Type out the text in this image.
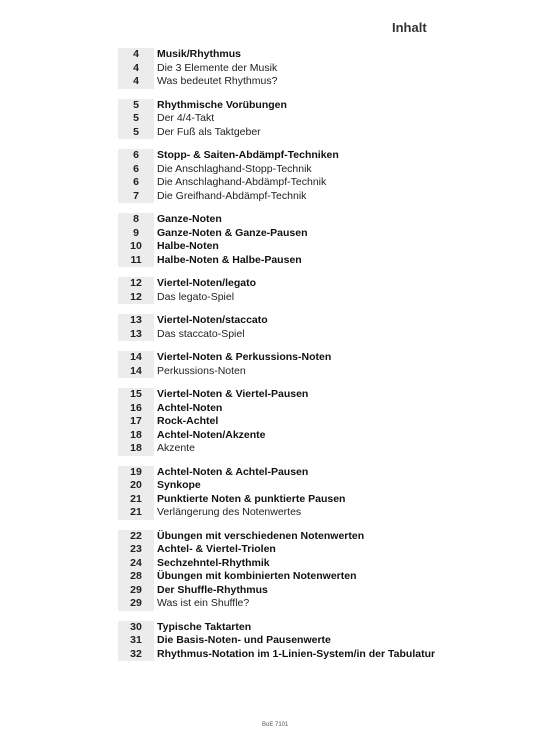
Inhalt
4	Musik/Rhythmus
4	Die 3 Elemente der Musik
4	Was bedeutet Rhythmus?
5	Rhythmische Vorübungen
5	Der 4/4-Takt
5	Der Fuß als Taktgeber
6	Stopp- & Saiten-Abdämpf-Techniken
6	Die Anschlaghand-Stopp-Technik
6	Die Anschlaghand-Abdämpf-Technik
7	Die Greifhand-Abdämpf-Technik
8	Ganze-Noten
9	Ganze-Noten & Ganze-Pausen
10	Halbe-Noten
11	Halbe-Noten & Halbe-Pausen
12	Viertel-Noten/legato
12	Das legato-Spiel
13	Viertel-Noten/staccato
13	Das staccato-Spiel
14	Viertel-Noten & Perkussions-Noten
14	Perkussions-Noten
15	Viertel-Noten & Viertel-Pausen
16	Achtel-Noten
17	Rock-Achtel
18	Achtel-Noten/Akzente
18	Akzente
19	Achtel-Noten & Achtel-Pausen
20	Synkope
21	Punktierte Noten & punktierte Pausen
21	Verlängerung des Notenwertes
22	Übungen mit verschiedenen Notenwerten
23	Achtel- & Viertel-Triolen
24	Sechzehntel-Rhythmik
28	Übungen mit kombinierten Notenwerten
29	Der Shuffle-Rhythmus
29	Was ist ein Shuffle?
30	Typische Taktarten
31	Die Basis-Noten- und Pausenwerte
32	Rhythmus-Notation im 1-Linien-System/in der Tabulatur
BoE 7101
